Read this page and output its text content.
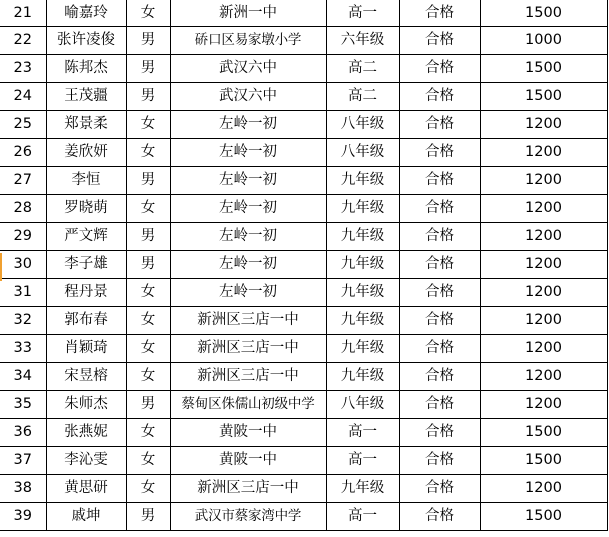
21	喻嘉玲	女	新洲一中	高一	合格	1500
22	张许凌俊	男	硚口区易家墩小学	六年级	合格	1000
23	陈邦杰	男	武汉六中	高二	合格	1500
24	王茂疆	男	武汉六中	高二	合格	1500
25	郑景柔	女	左岭一初	八年级	合格	1200
26	姜欣妍	女	左岭一初	八年级	合格	1200
27	李恒	男	左岭一初	九年级	合格	1200
28	罗晓萌	女	左岭一初	九年级	合格	1200
29	严文辉	男	左岭一初	九年级	合格	1200
30	李子雄	男	左岭一初	九年级	合格	1200
31	程丹景	女	左岭一初	九年级	合格	1200
32	郭布春	女	新洲区三店一中	九年级	合格	1200
33	肖颖琦	女	新洲区三店一中	九年级	合格	1200
34	宋昱榕	女	新洲区三店一中	九年级	合格	1200
35	朱师杰	男	蔡甸区侏儒山初级中学	八年级	合格	1200
36	张燕妮	女	黄陂一中	高一	合格	1500
37	李沁雯	女	黄陂一中	高一	合格	1500
38	黄思研	女	新洲区三店一中	九年级	合格	1200
39	戚坤	男	武汉市蔡家湾中学	高一	合格	1500
